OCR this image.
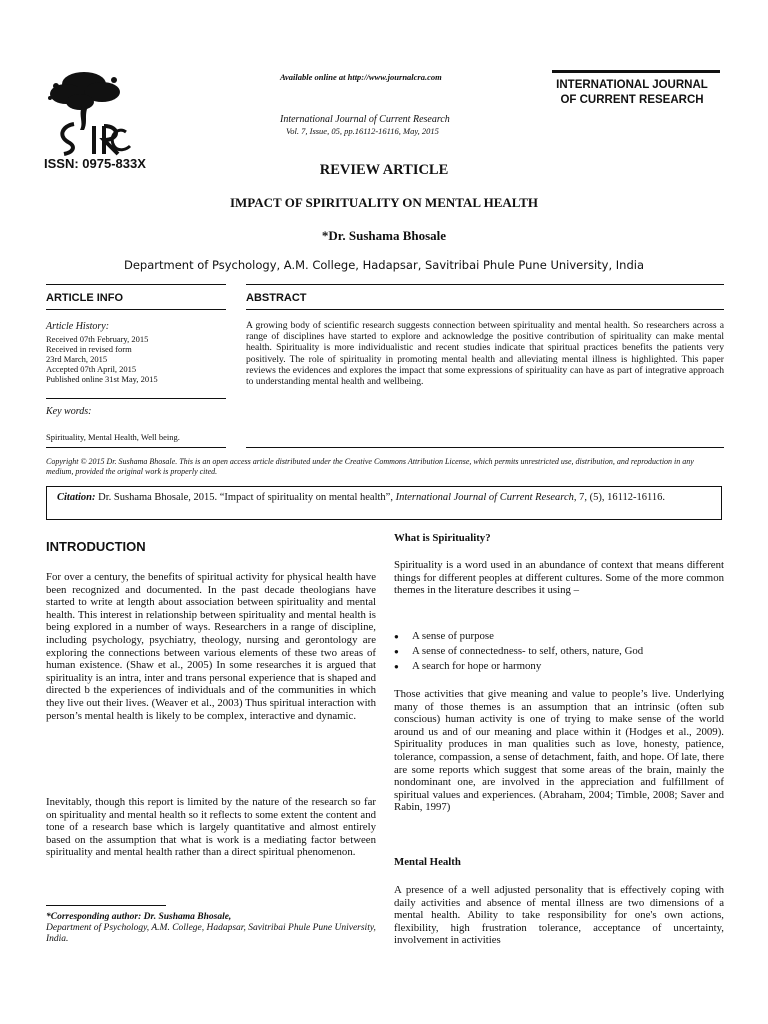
ISSN: 0975-833X
Available online at http://www.journalcra.com
International Journal of Current Research
Vol. 7, Issue, 05, pp.16112-16116, May, 2015
INTERNATIONAL JOURNAL
OF CURRENT RESEARCH
REVIEW ARTICLE
IMPACT OF SPIRITUALITY ON MENTAL HEALTH
*Dr. Sushama Bhosale
Department of Psychology, A.M. College, Hadapsar, Savitribai Phule Pune University, India
ARTICLE INFO	ABSTRACT
Article History:
Received 07th February, 2015
Received in revised form
23rd March, 2015
Accepted 07th April, 2015
Published online 31st May, 2015
Key words:
Spirituality, Mental Health, Well being.
A growing body of scientific research suggests connection between spirituality and mental health. So researchers across a range of disciplines have started to explore and acknowledge the positive contribution of spirituality can make mental health. Spirituality is more individualistic and recent studies indicate that spiritual practices benefits the patients very positively. The role of spirituality in promoting mental health and alleviating mental illness is highlighted. This paper reviews the evidences and explores the impact that some expressions of spirituality can have as part of integrative approach to understanding mental health and wellbeing.
Copyright © 2015 Dr. Sushama Bhosale. This is an open access article distributed under the Creative Commons Attribution License, which permits unrestricted use, distribution, and reproduction in any medium, provided the original work is properly cited.
Citation: Dr. Sushama Bhosale, 2015. “Impact of spirituality on mental health”, International Journal of Current Research, 7, (5), 16112-16116.
INTRODUCTION
For over a century, the benefits of spiritual activity for physical health have been recognized and documented. In the past decade theologians have started to write at length about association between spirituality and mental health. This interest in relationship between spirituality and mental health is being explored in a number of ways. Researchers in a range of discipline, including psychology, psychiatry, theology, nursing and gerontology are exploring the connections between various elements of these two areas of human existence. (Shaw et al., 2005) In some researches it is argued that spirituality is an intra, inter and trans personal experience that is shaped and directed b the experiences of individuals and of the communities in which they live out their lives. (Weaver et al., 2003) Thus spiritual interaction with person’s mental health is likely to be complex, interactive and dynamic.
Inevitably, though this report is limited by the nature of the research so far on spirituality and mental health so it reflects to some extent the content and tone of a research base which is largely quantitative and almost entirely based on the assumption that what is work is a mediating factor between spirituality and mental health rather than a direct spiritual phenomenon.
*Corresponding author: Dr. Sushama Bhosale,
Department of Psychology, A.M. College, Hadapsar, Savitribai Phule Pune University, India.
What is Spirituality?
Spirituality is a word used in an abundance of context that means different things for different peoples at different cultures. Some of the more common themes in the literature describes it using –
● A sense of purpose
● A sense of connectedness- to self, others, nature, God
● A search for hope or harmony
Those activities that give meaning and value to people’s live. Underlying many of those themes is an assumption that an intrinsic (often sub conscious) human activity is one of trying to make sense of the world around us and of our meaning and place within it (Hodges et al., 2009). Spirituality produces in man qualities such as love, honesty, patience, tolerance, compassion, a sense of detachment, faith, and hope. Of late, there are some reports which suggest that some areas of the brain, mainly the nondominant one, are involved in the appreciation and fulfillment of spiritual values and experiences. (Abraham, 2004; Timble, 2008; Saver and Rabin, 1997)
Mental Health
A presence of a well adjusted personality that is effectively coping with daily activities and absence of mental illness are two dimensions of a mental health. Ability to take responsibility for one's own actions, flexibility, high frustration tolerance, acceptance of uncertainty, involvement in activities
